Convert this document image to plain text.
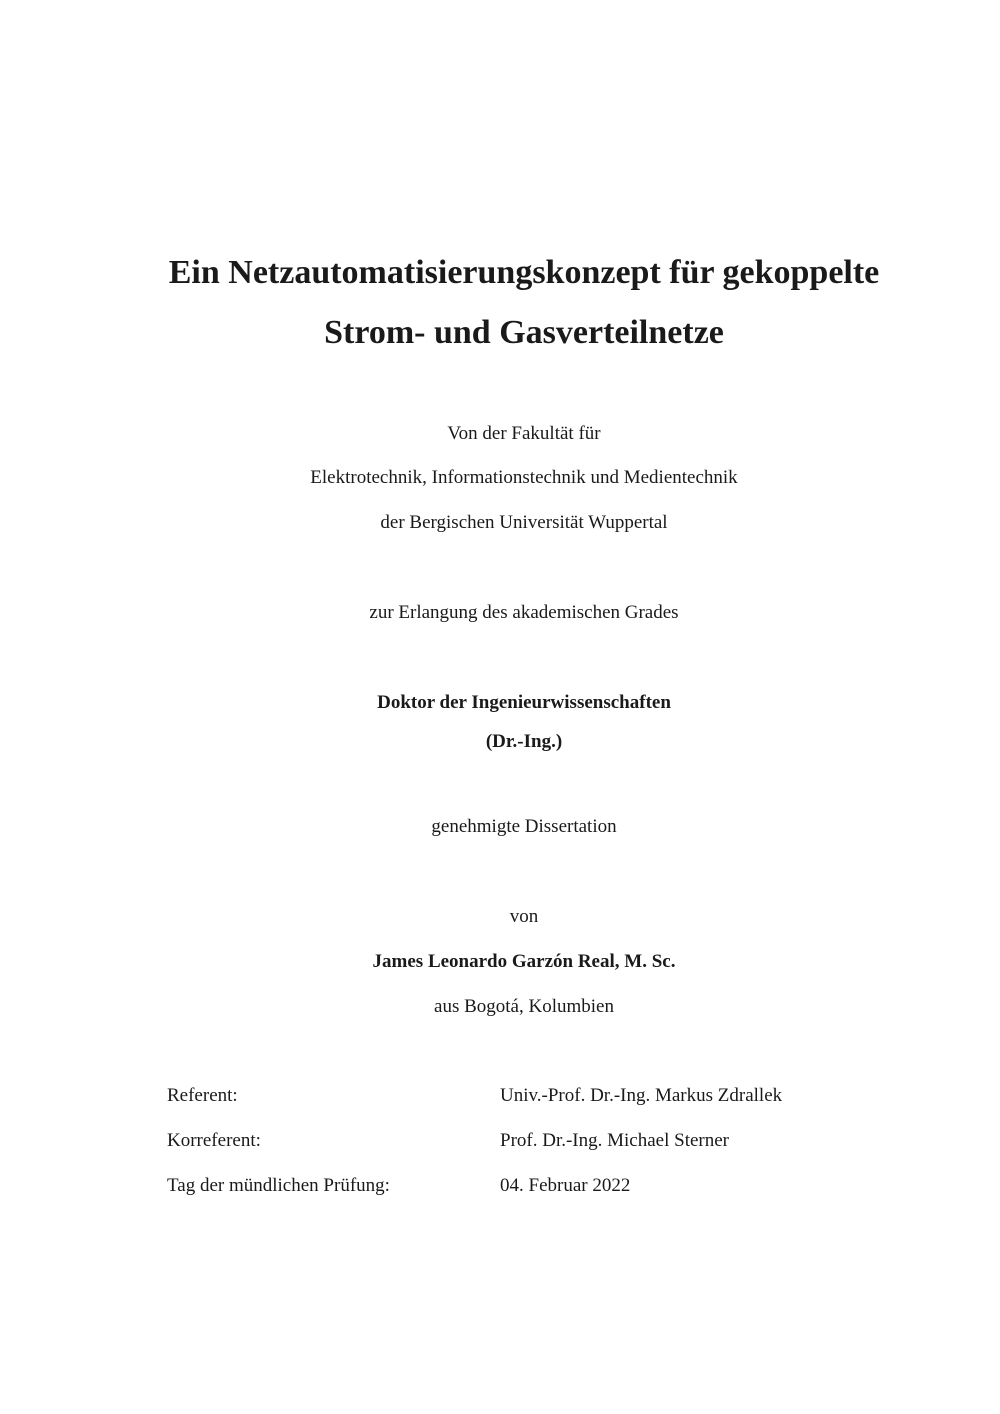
Ein Netzautomatisierungskonzept für gekoppelte
Strom- und Gasverteilnetze
Von der Fakultät für
Elektrotechnik, Informationstechnik und Medientechnik
der Bergischen Universität Wuppertal
zur Erlangung des akademischen Grades
Doktor der Ingenieurwissenschaften
(Dr.-Ing.)
genehmigte Dissertation
von
James Leonardo Garzón Real, M. Sc.
aus Bogotá, Kolumbien
Referent:	Univ.-Prof. Dr.-Ing. Markus Zdrallek
Korreferent:	Prof. Dr.-Ing. Michael Sterner
Tag der mündlichen Prüfung:	04. Februar 2022
